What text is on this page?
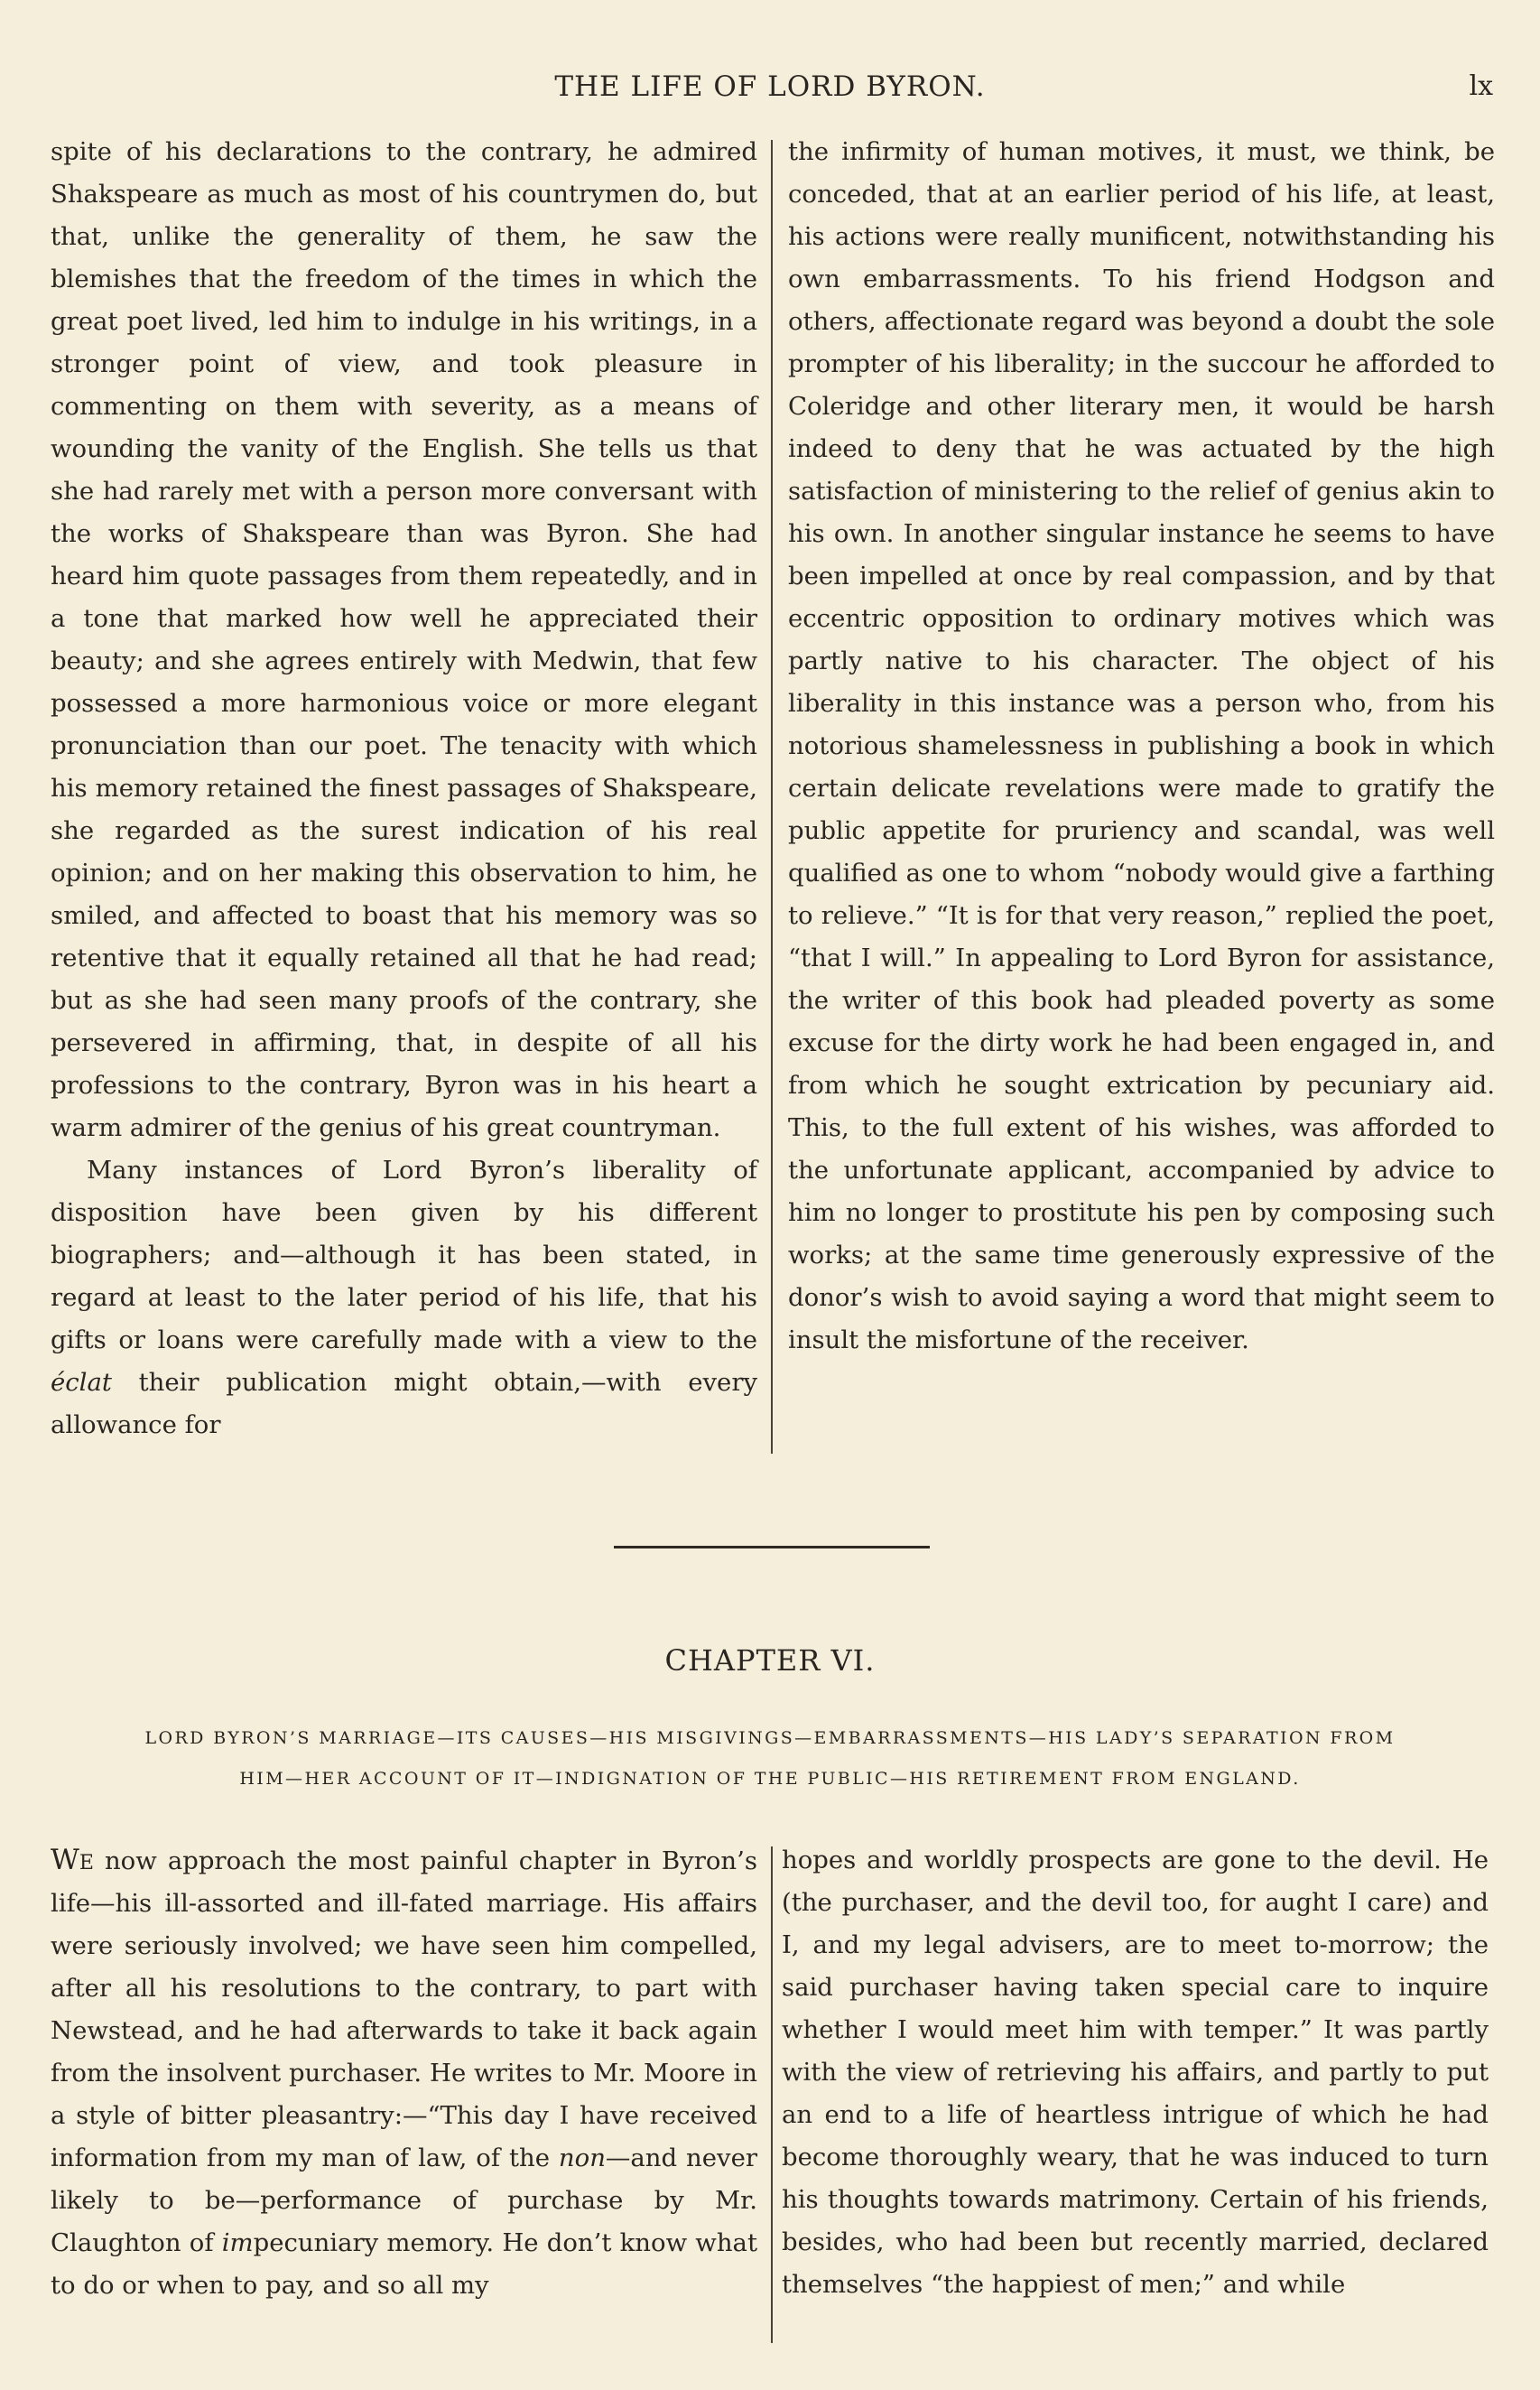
THE LIFE OF LORD BYRON.	lx

spite of his declarations to the contrary, he admired Shakspeare as much as most of his countrymen do, but that, unlike the generality of them, he saw the blemishes that the freedom of the times in which the great poet lived, led him to indulge in his writings, in a stronger point of view, and took pleasure in commenting on them with severity, as a means of wounding the vanity of the English. She tells us that she had rarely met with a person more conversant with the works of Shakspeare than was Byron. She had heard him quote passages from them repeatedly, and in a tone that marked how well he appreciated their beauty; and she agrees entirely with Medwin, that few possessed a more harmonious voice or more elegant pronunciation than our poet. The tenacity with which his memory retained the finest passages of Shakspeare, she regarded as the surest indication of his real opinion; and on her making this observation to him, he smiled, and affected to boast that his memory was so retentive that it equally retained all that he had read; but as she had seen many proofs of the contrary, she persevered in affirming, that, in despite of all his professions to the contrary, Byron was in his heart a warm admirer of the genius of his great countryman.

Many instances of Lord Byron’s liberality of disposition have been given by his different biographers; and—although it has been stated, in regard at least to the later period of his life, that his gifts or loans were carefully made with a view to the éclat their publication might obtain,—with every allowance for

the infirmity of human motives, it must, we think, be conceded, that at an earlier period of his life, at least, his actions were really munificent, notwithstanding his own embarrassments. To his friend Hodgson and others, affectionate regard was beyond a doubt the sole prompter of his liberality; in the succour he afforded to Coleridge and other literary men, it would be harsh indeed to deny that he was actuated by the high satisfaction of ministering to the relief of genius akin to his own. In another singular instance he seems to have been impelled at once by real compassion, and by that eccentric opposition to ordinary motives which was partly native to his character. The object of his liberality in this instance was a person who, from his notorious shamelessness in publishing a book in which certain delicate revelations were made to gratify the public appetite for pruriency and scandal, was well qualified as one to whom “nobody would give a farthing to relieve.” “It is for that very reason,” replied the poet, “that I will.” In appealing to Lord Byron for assistance, the writer of this book had pleaded poverty as some excuse for the dirty work he had been engaged in, and from which he sought extrication by pecuniary aid. This, to the full extent of his wishes, was afforded to the unfortunate applicant, accompanied by advice to him no longer to prostitute his pen by composing such works; at the same time generously expressive of the donor’s wish to avoid saying a word that might seem to insult the misfortune of the receiver.

CHAPTER VI.
LORD BYRON’S MARRIAGE—ITS CAUSES—HIS MISGIVINGS—EMBARRASSMENTS—HIS LADY’S SEPARATION FROM
HIM—HER ACCOUNT OF IT—INDIGNATION OF THE PUBLIC—HIS RETIREMENT FROM ENGLAND.

We now approach the most painful chapter in Byron’s life—his ill-assorted and ill-fated marriage. His affairs were seriously involved; we have seen him compelled, after all his resolutions to the contrary, to part with Newstead, and he had afterwards to take it back again from the insolvent purchaser. He writes to Mr. Moore in a style of bitter pleasantry:—“This day I have received information from my man of law, of the non—and never likely to be—performance of purchase by Mr. Claughton of impecuniary memory. He don’t know what to do or when to pay, and so all my

hopes and worldly prospects are gone to the devil. He (the purchaser, and the devil too, for aught I care) and I, and my legal advisers, are to meet to-morrow; the said purchaser having taken special care to inquire whether I would meet him with temper.” It was partly with the view of retrieving his affairs, and partly to put an end to a life of heartless intrigue of which he had become thoroughly weary, that he was induced to turn his thoughts towards matrimony. Certain of his friends, besides, who had been but recently married, declared themselves “the happiest of men;” and while
